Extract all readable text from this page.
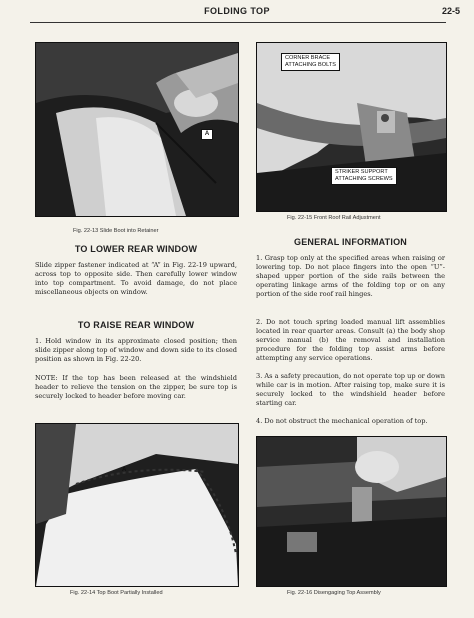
FOLDING TOP	22-5
A
Fig. 22-13 Slide Boot into Retainer
CORNER BRACE
ATTACHING BOLTS
STRIKER SUPPORT
ATTACHING SCREWS
Fig. 22-15 Front Roof Rail Adjustment
TO LOWER REAR WINDOW

Slide zipper fastener indicated at “A” in Fig. 22-19 upward, across top to opposite side. Then carefully lower window into top compartment. To avoid damage, do not place miscellaneous objects on window.

TO RAISE REAR WINDOW

1. Hold window in its approximate closed position; then slide zipper along top of window and down side to its closed position as shown in Fig. 22-20.

NOTE: If the top has been released at the windshield header to relieve the tension on the zipper, be sure top is securely locked to header before moving car.

GENERAL INFORMATION

1. Grasp top only at the specified areas when raising or lowering top. Do not place fingers into the open “U”-shaped upper portion of the side rails between the operating linkage arms of the folding top or on any portion of the side roof rail hinges.

2. Do not touch spring loaded manual lift assemblies located in rear quarter areas. Consult (a) the body shop service manual (b) the removal and installation procedure for the folding top assist arms before attempting any service operations.

3. As a safety precaution, do not operate top up or down while car is in motion. After raising top, make sure it is securely locked to the windshield header before starting car.

4. Do not obstruct the mechanical operation of top.

A
Fig. 22-14 Top Boot Partially Installed	Fig. 22-16 Disengaging Top Assembly
